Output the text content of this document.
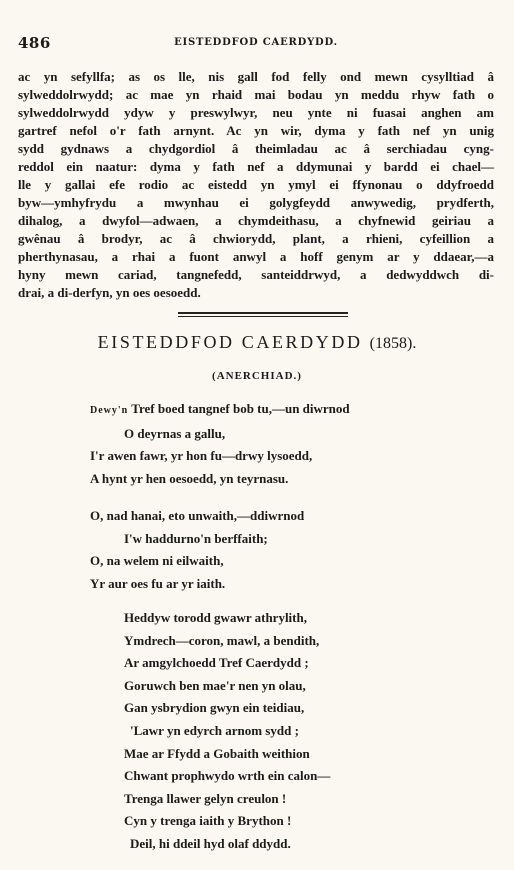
486	EISTEDDFOD CAERDYDD.
ac yn sefyllfa; as os lle, nis gall fod felly ond mewn cysylltiad â
sylweddolrwydd; ac mae yn rhaid mai bodau yn meddu rhyw fath o
sylweddolrwydd ydyw y preswylwyr, neu ynte ni fuasai anghen am
gartref nefol o'r fath arnynt. Ac yn wir, dyma y fath nef yn unig
sydd gydnaws a chydgordiol â theimladau ac â serchiadau cyng-
reddol ein naatur: dyma y fath nef a ddymunai y bardd ei chael—
lle y gallai efe rodio ac eistedd yn ymyl ei ffynonau o ddyfroedd
byw—ymhyfrydu a mwynhau ei golygfeydd anwywedig, prydferth,
dihalog, a dwyfol—adwaen, a chymdeithasu, a chyfnewid geiriau a
gwênau â brodyr, ac â chwiorydd, plant, a rhieni, cyfeillion a
pherthynasau, a rhai a fuont anwyl a hoff genym ar y ddaear,—a
hyny mewn cariad, tangnefedd, santeiddrwyd, a dedwyddwch di-
drai, a di-derfyn, yn oes oesoedd.
EISTEDDFOD CAERDYDD (1858).
(ANERCHIAD.)
Dewy'n Tref boed tangnef bob tu,—un diwrnod
O deyrnas a gallu,
I'r awen fawr, yr hon fu—drwy lysoedd,
A hynt yr hen oesoedd, yn teyrnasu.
O, nad hanai, eto unwaith,—ddiwrnod
I'w haddurno'n berffaith;
O, na welem ni eilwaith,
Yr aur oes fu ar yr iaith.
Heddyw torodd gwawr athrylith,
Ymdrech—coron, mawl, a bendith,
Ar amgylchoedd Tref Caerdydd ;
Goruwch ben mae'r nen yn olau,
Gan ysbrydion gwyn ein teidiau,
'Lawr yn edyrch arnom sydd ;
Mae ar Ffydd a Gobaith weithion
Chwant prophwydo wrth ein calon—
Trenga llawer gelyn creulon !
Cyn y trenga iaith y Brython !
Deil, hi ddeil hyd olaf ddydd.
